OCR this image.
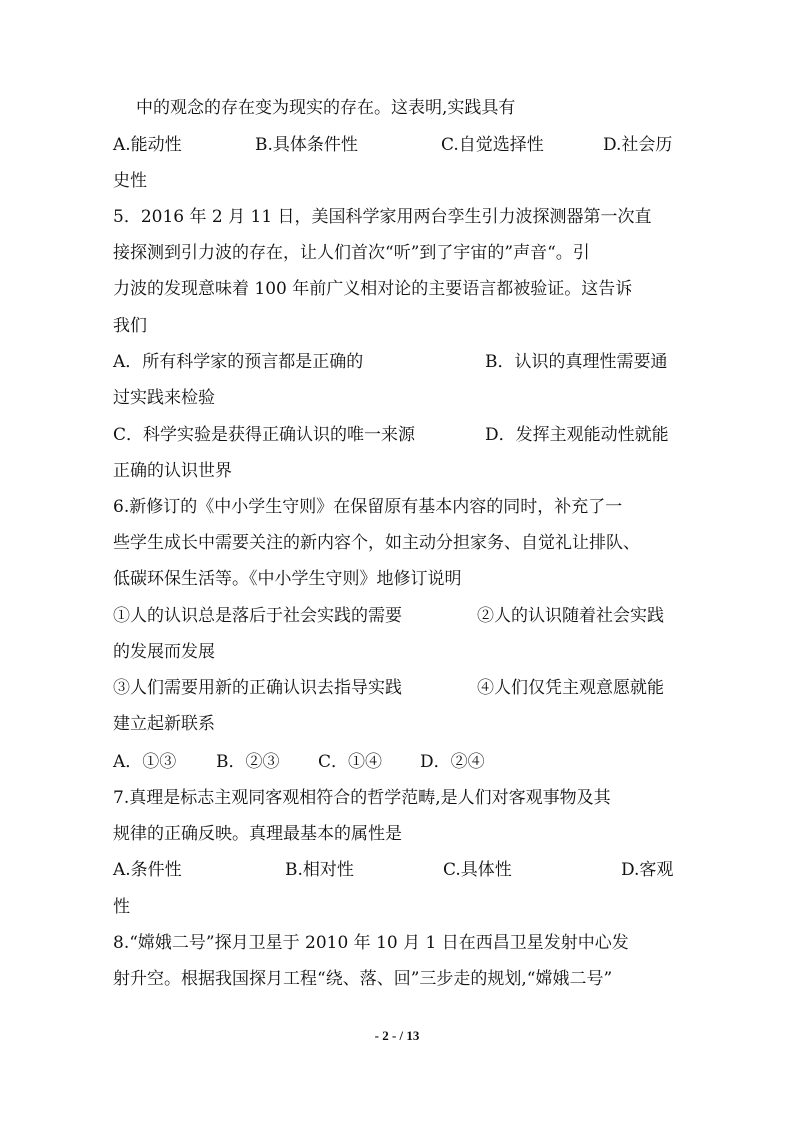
中的观念的存在变为现实的存在。这表明,实践具有
A.能动性	B.具体条件性	C.自觉选择性	D.社会历
史性
5．2016 年 2 月 11 日，美国科学家用两台孪生引力波探测器第一次直
接探测到引力波的存在，让人们首次“听”到了宇宙的”声音“。引
力波的发现意味着 100 年前广义相对论的主要语言都被验证。这告诉
我们
A．所有科学家的预言都是正确的	B．认识的真理性需要通
过实践来检验
C．科学实验是获得正确认识的唯一来源	D．发挥主观能动性就能
正确的认识世界
6.新修订的《中小学生守则》在保留原有基本内容的同时，补充了一
些学生成长中需要关注的新内容个，如主动分担家务、自觉礼让排队、
低碳环保生活等。《中小学生守则》地修订说明
①人的认识总是落后于社会实践的需要	②人的认识随着社会实践
的发展而发展
③人们需要用新的正确认识去指导实践	④人们仅凭主观意愿就能
建立起新联系
A．①③ B．②③ C．①④ D．②④
7.真理是标志主观同客观相符合的哲学范畴,是人们对客观事物及其
规律的正确反映。真理最基本的属性是
A.条件性	B.相对性	C.具体性	D.客观
性
8.“嫦娥二号”探月卫星于 2010 年 10 月 1 日在西昌卫星发射中心发
射升空。根据我国探月工程“绕、落、回”三步走的规划,“嫦娥二号”
- 2 - / 13
